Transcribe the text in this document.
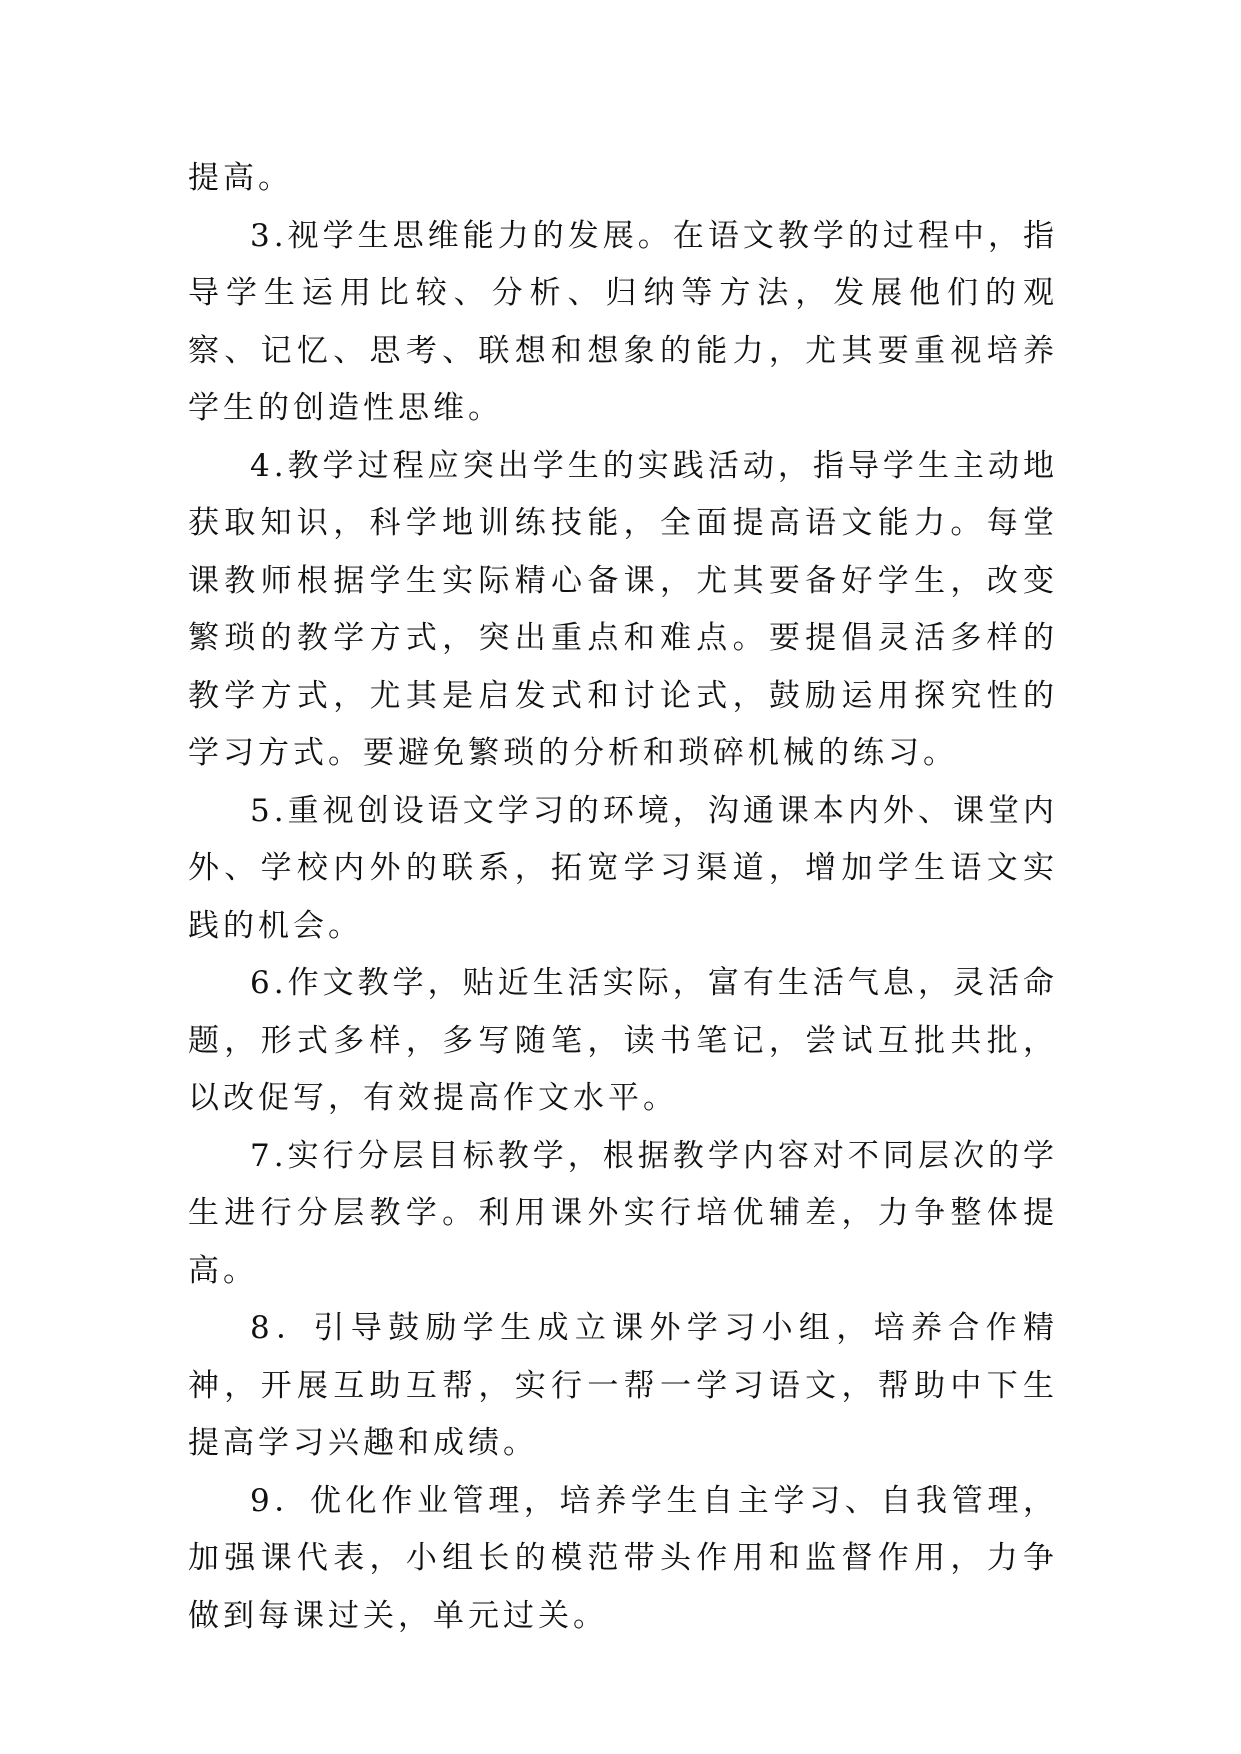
提高。

3.视学生思维能力的发展。在语文教学的过程中，指导学生运用比较、分析、归纳等方法，发展他们的观察、记忆、思考、联想和想象的能力，尤其要重视培养学生的创造性思维。

4.教学过程应突出学生的实践活动，指导学生主动地获取知识，科学地训练技能，全面提高语文能力。每堂课教师根据学生实际精心备课，尤其要备好学生，改变繁琐的教学方式，突出重点和难点。要提倡灵活多样的教学方式，尤其是启发式和讨论式，鼓励运用探究性的学习方式。要避免繁琐的分析和琐碎机械的练习。

5.重视创设语文学习的环境，沟通课本内外、课堂内外、学校内外的联系，拓宽学习渠道，增加学生语文实践的机会。

6.作文教学，贴近生活实际，富有生活气息，灵活命题，形式多样，多写随笔，读书笔记，尝试互批共批，以改促写，有效提高作文水平。

7.实行分层目标教学，根据教学内容对不同层次的学生进行分层教学。利用课外实行培优辅差，力争整体提高。

8．引导鼓励学生成立课外学习小组，培养合作精神，开展互助互帮，实行一帮一学习语文，帮助中下生提高学习兴趣和成绩。

9．优化作业管理，培养学生自主学习、自我管理，加强课代表，小组长的模范带头作用和监督作用，力争做到每课过关，单元过关。
